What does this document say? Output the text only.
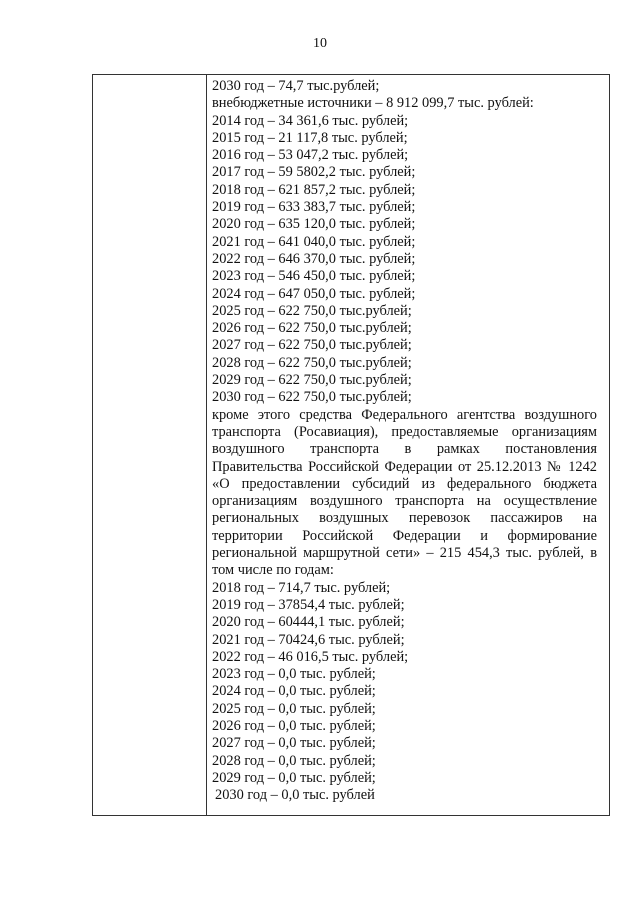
10
2030 год – 74,7 тыс.рублей;
внебюджетные источники – 8 912 099,7 тыс. рублей:
2014 год – 34 361,6 тыс. рублей;
2015 год – 21 117,8 тыс. рублей;
2016 год – 53 047,2 тыс. рублей;
2017 год – 59 5802,2 тыс. рублей;
2018 год – 621 857,2 тыс. рублей;
2019 год – 633 383,7 тыс. рублей;
2020 год – 635 120,0 тыс. рублей;
2021 год – 641 040,0 тыс. рублей;
2022 год – 646 370,0 тыс. рублей;
2023 год – 546 450,0 тыс. рублей;
2024 год – 647 050,0 тыс. рублей;
2025 год – 622 750,0 тыс.рублей;
2026 год – 622 750,0 тыс.рублей;
2027 год – 622 750,0 тыс.рублей;
2028 год – 622 750,0 тыс.рублей;
2029 год – 622 750,0 тыс.рублей;
2030 год – 622 750,0 тыс.рублей;
кроме этого средства Федерального агентства воздушного транспорта (Росавиация), предоставляемые организациям воздушного транспорта в рамках постановления Правительства Российской Федерации от 25.12.2013 № 1242 «О предоставлении субсидий из федерального бюджета организациям воздушного транспорта на осуществление региональных воздушных перевозок пассажиров на территории Российской Федерации и формирование региональной маршрутной сети» – 215 454,3 тыс. рублей, в том числе по годам:
2018 год – 714,7 тыс. рублей;
2019 год – 37854,4 тыс. рублей;
2020 год – 60444,1 тыс. рублей;
2021 год – 70424,6 тыс. рублей;
2022 год – 46 016,5 тыс. рублей;
2023 год – 0,0 тыс. рублей;
2024 год – 0,0 тыс. рублей;
2025 год – 0,0 тыс. рублей;
2026 год – 0,0 тыс. рублей;
2027 год – 0,0 тыс. рублей;
2028 год – 0,0 тыс. рублей;
2029 год – 0,0 тыс. рублей;
2030 год – 0,0 тыс. рублей
